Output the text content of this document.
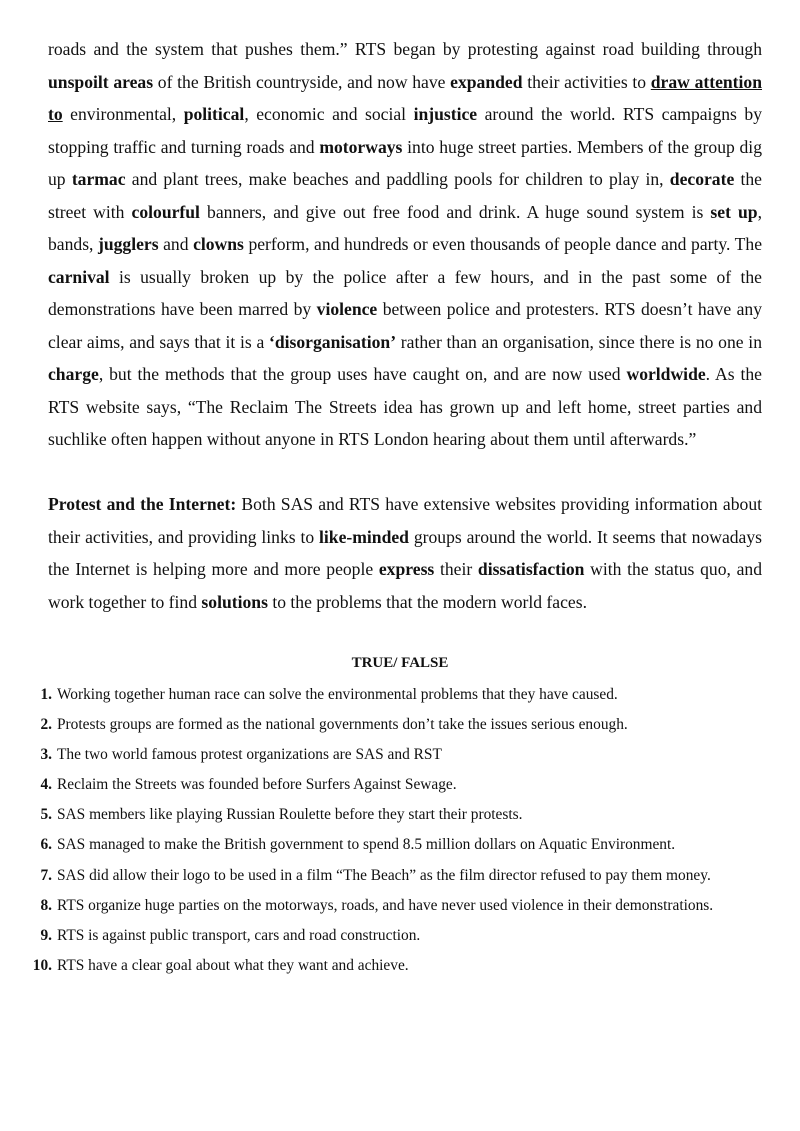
roads and the system that pushes them.” RTS began by protesting against road building through unspoilt areas of the British countryside, and now have expanded their activities to draw attention to environmental, political, economic and social injustice around the world. RTS campaigns by stopping traffic and turning roads and motorways into huge street parties. Members of the group dig up tarmac and plant trees, make beaches and paddling pools for children to play in, decorate the street with colourful banners, and give out free food and drink. A huge sound system is set up, bands, jugglers and clowns perform, and hundreds or even thousands of people dance and party. The carnival is usually broken up by the police after a few hours, and in the past some of the demonstrations have been marred by violence between police and protesters. RTS doesn’t have any clear aims, and says that it is a ‘disorganisation’ rather than an organisation, since there is no one in charge, but the methods that the group uses have caught on, and are now used worldwide. As the RTS website says, “The Reclaim The Streets idea has grown up and left home, street parties and suchlike often happen without anyone in RTS London hearing about them until afterwards.”

Protest and the Internet: Both SAS and RTS have extensive websites providing information about their activities, and providing links to like-minded groups around the world. It seems that nowadays the Internet is helping more and more people express their dissatisfaction with the status quo, and work together to find solutions to the problems that the modern world faces.

TRUE/ FALSE
1. Working together human race can solve the environmental problems that they have caused.
2. Protests groups are formed as the national governments don’t take the issues serious enough.
3. The two world famous protest organizations are SAS and RST
4. Reclaim the Streets was founded before Surfers Against Sewage.
5. SAS members like playing Russian Roulette before they start their protests.
6. SAS managed to make the British government to spend 8.5 million dollars on Aquatic Environment.
7. SAS did allow their logo to be used in a film “The Beach” as the film director refused to pay them money.
8. RTS organize huge parties on the motorways, roads, and have never used violence in their demonstrations.
9. RTS is against public transport, cars and road construction.
10. RTS have a clear goal about what they want and achieve.
